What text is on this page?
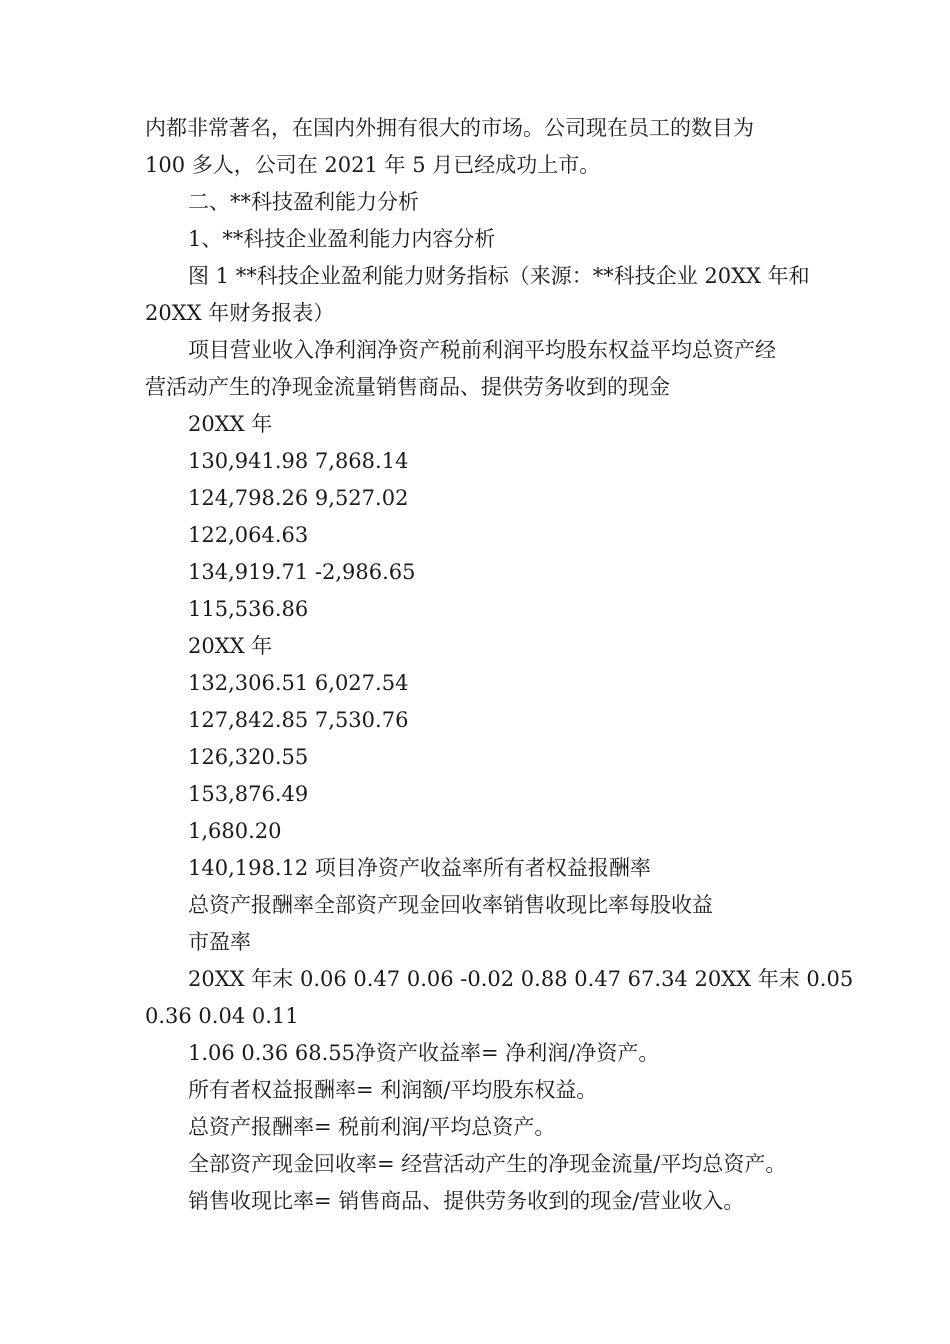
内都非常著名，在国内外拥有很大的市场。公司现在员工的数目为
100 多人，公司在 2021 年 5 月已经成功上市。
二、**科技盈利能力分析
1、**科技企业盈利能力内容分析
图 1 **科技企业盈利能力财务指标（来源：**科技企业 20XX 年和
20XX 年财务报表）
项目营业收入净利润净资产税前利润平均股东权益平均总资产经
营活动产生的净现金流量销售商品、提供劳务收到的现金
20XX 年
130,941.98 7,868.14
124,798.26 9,527.02
122,064.63
134,919.71 -2,986.65
115,536.86
20XX 年
132,306.51 6,027.54
127,842.85 7,530.76
126,320.55
153,876.49
1,680.20
140,198.12 项目净资产收益率所有者权益报酬率
总资产报酬率全部资产现金回收率销售收现比率每股收益
市盈率
20XX 年末 0.06 0.47 0.06 -0.02 0.88 0.47 67.34 20XX 年末 0.05
0.36 0.04 0.11
1.06 0.36 68.55净资产收益率= 净利润/净资产。
所有者权益报酬率= 利润额/平均股东权益。
总资产报酬率= 税前利润/平均总资产。
全部资产现金回收率= 经营活动产生的净现金流量/平均总资产。
销售收现比率= 销售商品、提供劳务收到的现金/营业收入。
